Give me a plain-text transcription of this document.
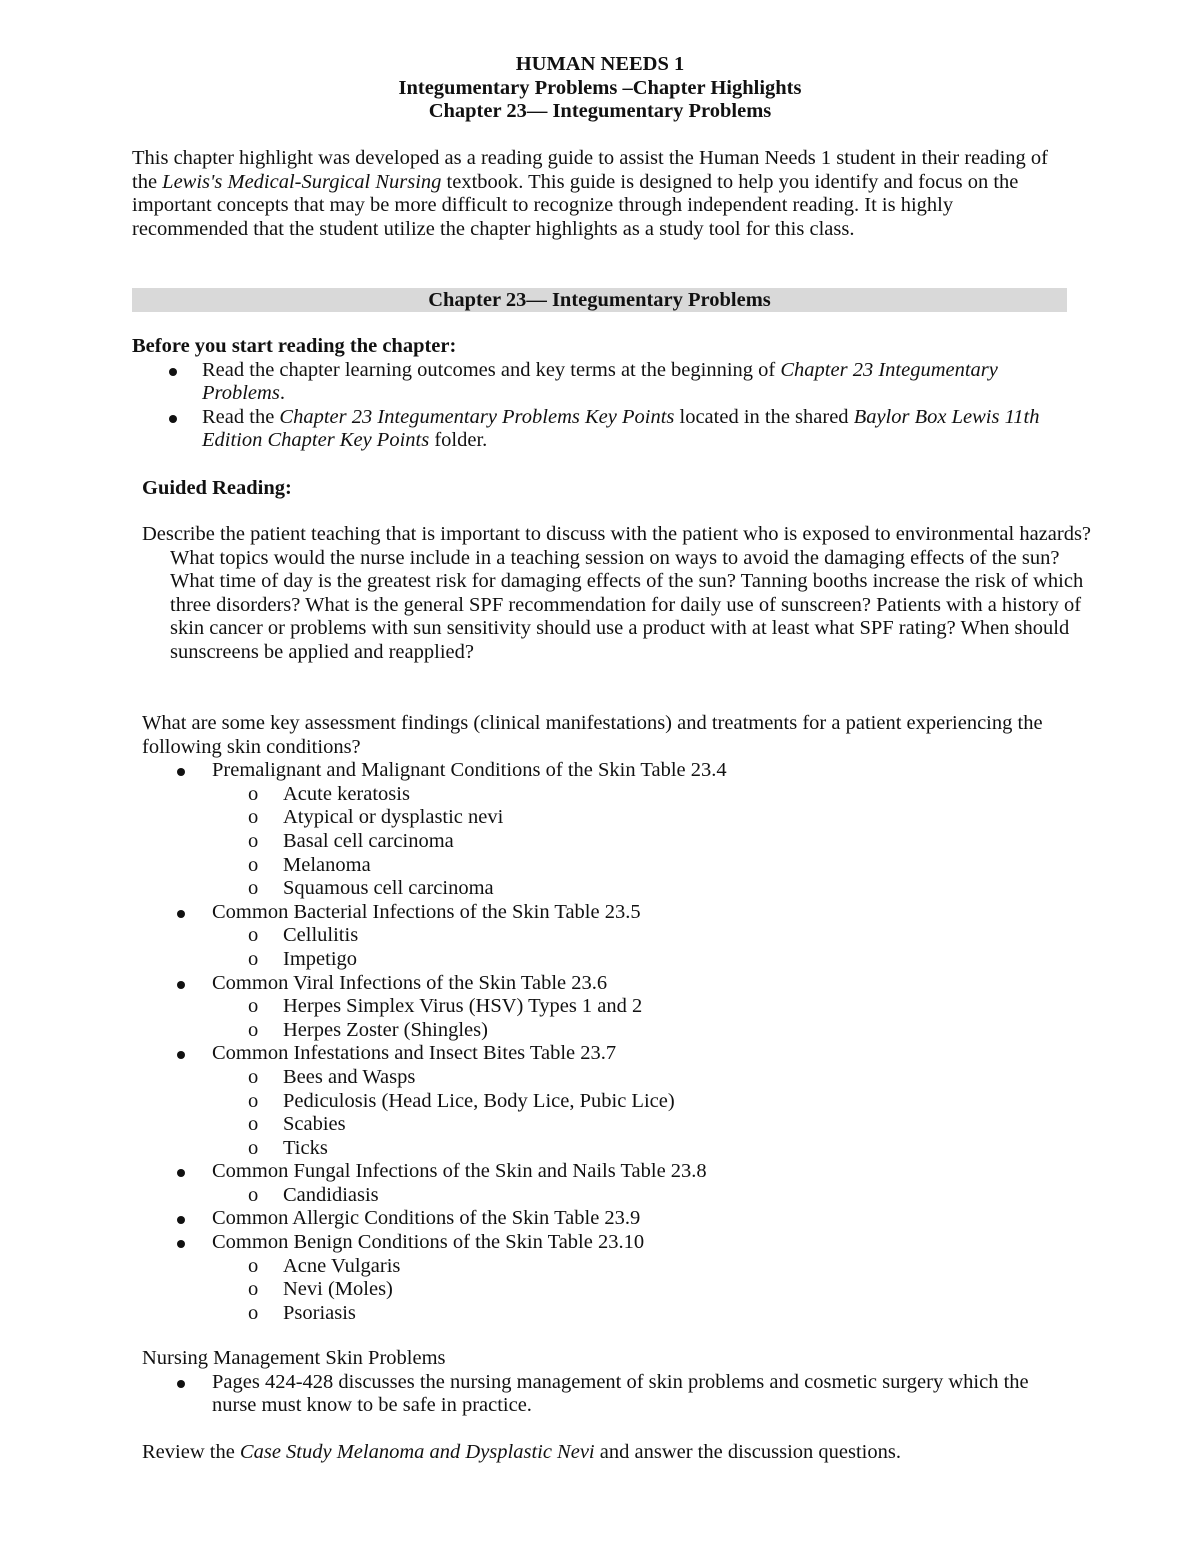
HUMAN NEEDS 1
Integumentary Problems –Chapter Highlights
Chapter 23— Integumentary Problems
This chapter highlight was developed as a reading guide to assist the Human Needs 1 student in their reading of the Lewis's Medical-Surgical Nursing textbook. This guide is designed to help you identify and focus on the important concepts that may be more difficult to recognize through independent reading. It is highly recommended that the student utilize the chapter highlights as a study tool for this class.
Chapter 23— Integumentary Problems
Before you start reading the chapter:
Read the chapter learning outcomes and key terms at the beginning of Chapter 23 Integumentary Problems.
Read the Chapter 23 Integumentary Problems Key Points located in the shared Baylor Box Lewis 11th Edition Chapter Key Points folder.
Guided Reading:
Describe the patient teaching that is important to discuss with the patient who is exposed to environmental hazards? What topics would the nurse include in a teaching session on ways to avoid the damaging effects of the sun? What time of day is the greatest risk for damaging effects of the sun? Tanning booths increase the risk of which three disorders? What is the general SPF recommendation for daily use of sunscreen? Patients with a history of skin cancer or problems with sun sensitivity should use a product with at least what SPF rating? When should sunscreens be applied and reapplied?
What are some key assessment findings (clinical manifestations) and treatments for a patient experiencing the following skin conditions?
Premalignant and Malignant Conditions of the Skin Table 23.4
o Acute keratosis
o Atypical or dysplastic nevi
o Basal cell carcinoma
o Melanoma
o Squamous cell carcinoma
Common Bacterial Infections of the Skin Table 23.5
o Cellulitis
o Impetigo
Common Viral Infections of the Skin Table 23.6
o Herpes Simplex Virus (HSV) Types 1 and 2
o Herpes Zoster (Shingles)
Common Infestations and Insect Bites Table 23.7
o Bees and Wasps
o Pediculosis (Head Lice, Body Lice, Pubic Lice)
o Scabies
o Ticks
Common Fungal Infections of the Skin and Nails Table 23.8
o Candidiasis
Common Allergic Conditions of the Skin Table 23.9
Common Benign Conditions of the Skin Table 23.10
o Acne Vulgaris
o Nevi (Moles)
o Psoriasis
Nursing Management Skin Problems
Pages 424-428 discusses the nursing management of skin problems and cosmetic surgery which the nurse must know to be safe in practice.
Review the Case Study Melanoma and Dysplastic Nevi and answer the discussion questions.
